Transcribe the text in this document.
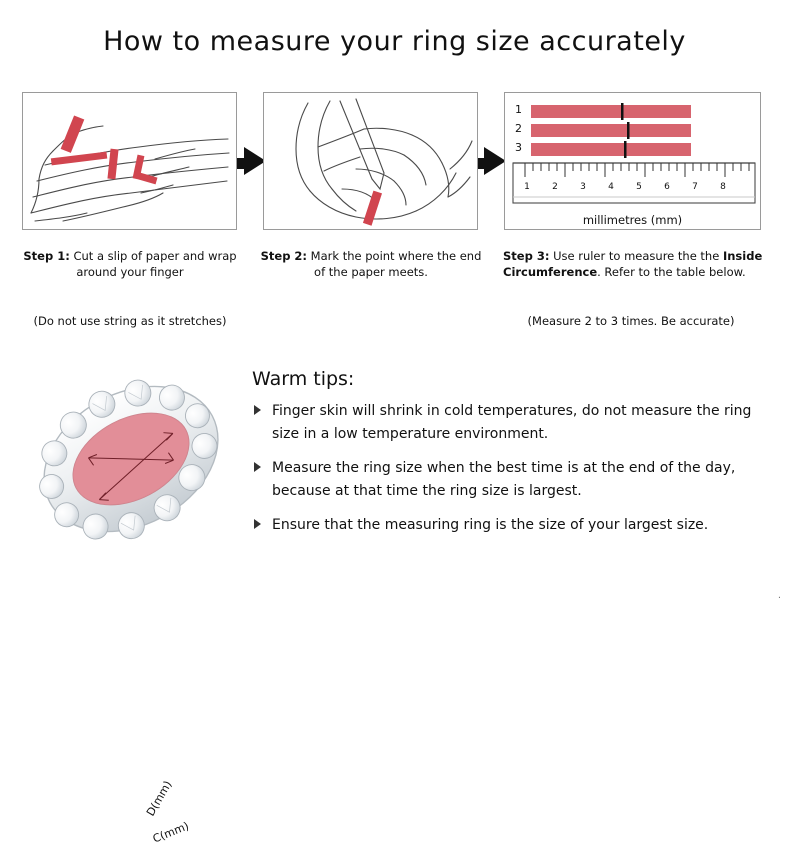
How to measure your ring size accurately
1 2 3 4 5 6 7 8
1
2
3
millimetres (mm)
Step 1: Cut a slip of paper and wrap around your finger
Step 2: Mark the point where the end of the paper meets.
Step 3: Use ruler to measure the the Inside Circumference. Refer to the table below.
(Do not use string as it stretches)	(Measure 2 to 3 times. Be accurate)
D(mm)
C(mm)
Warm tips:
Finger skin will shrink in cold temperatures, do not measure the ring size in a low temperature environment.
Measure the ring size when the best time is at the end of the day, because at that time the ring size is largest.
Ensure that the measuring ring is the size of your largest size.
.
